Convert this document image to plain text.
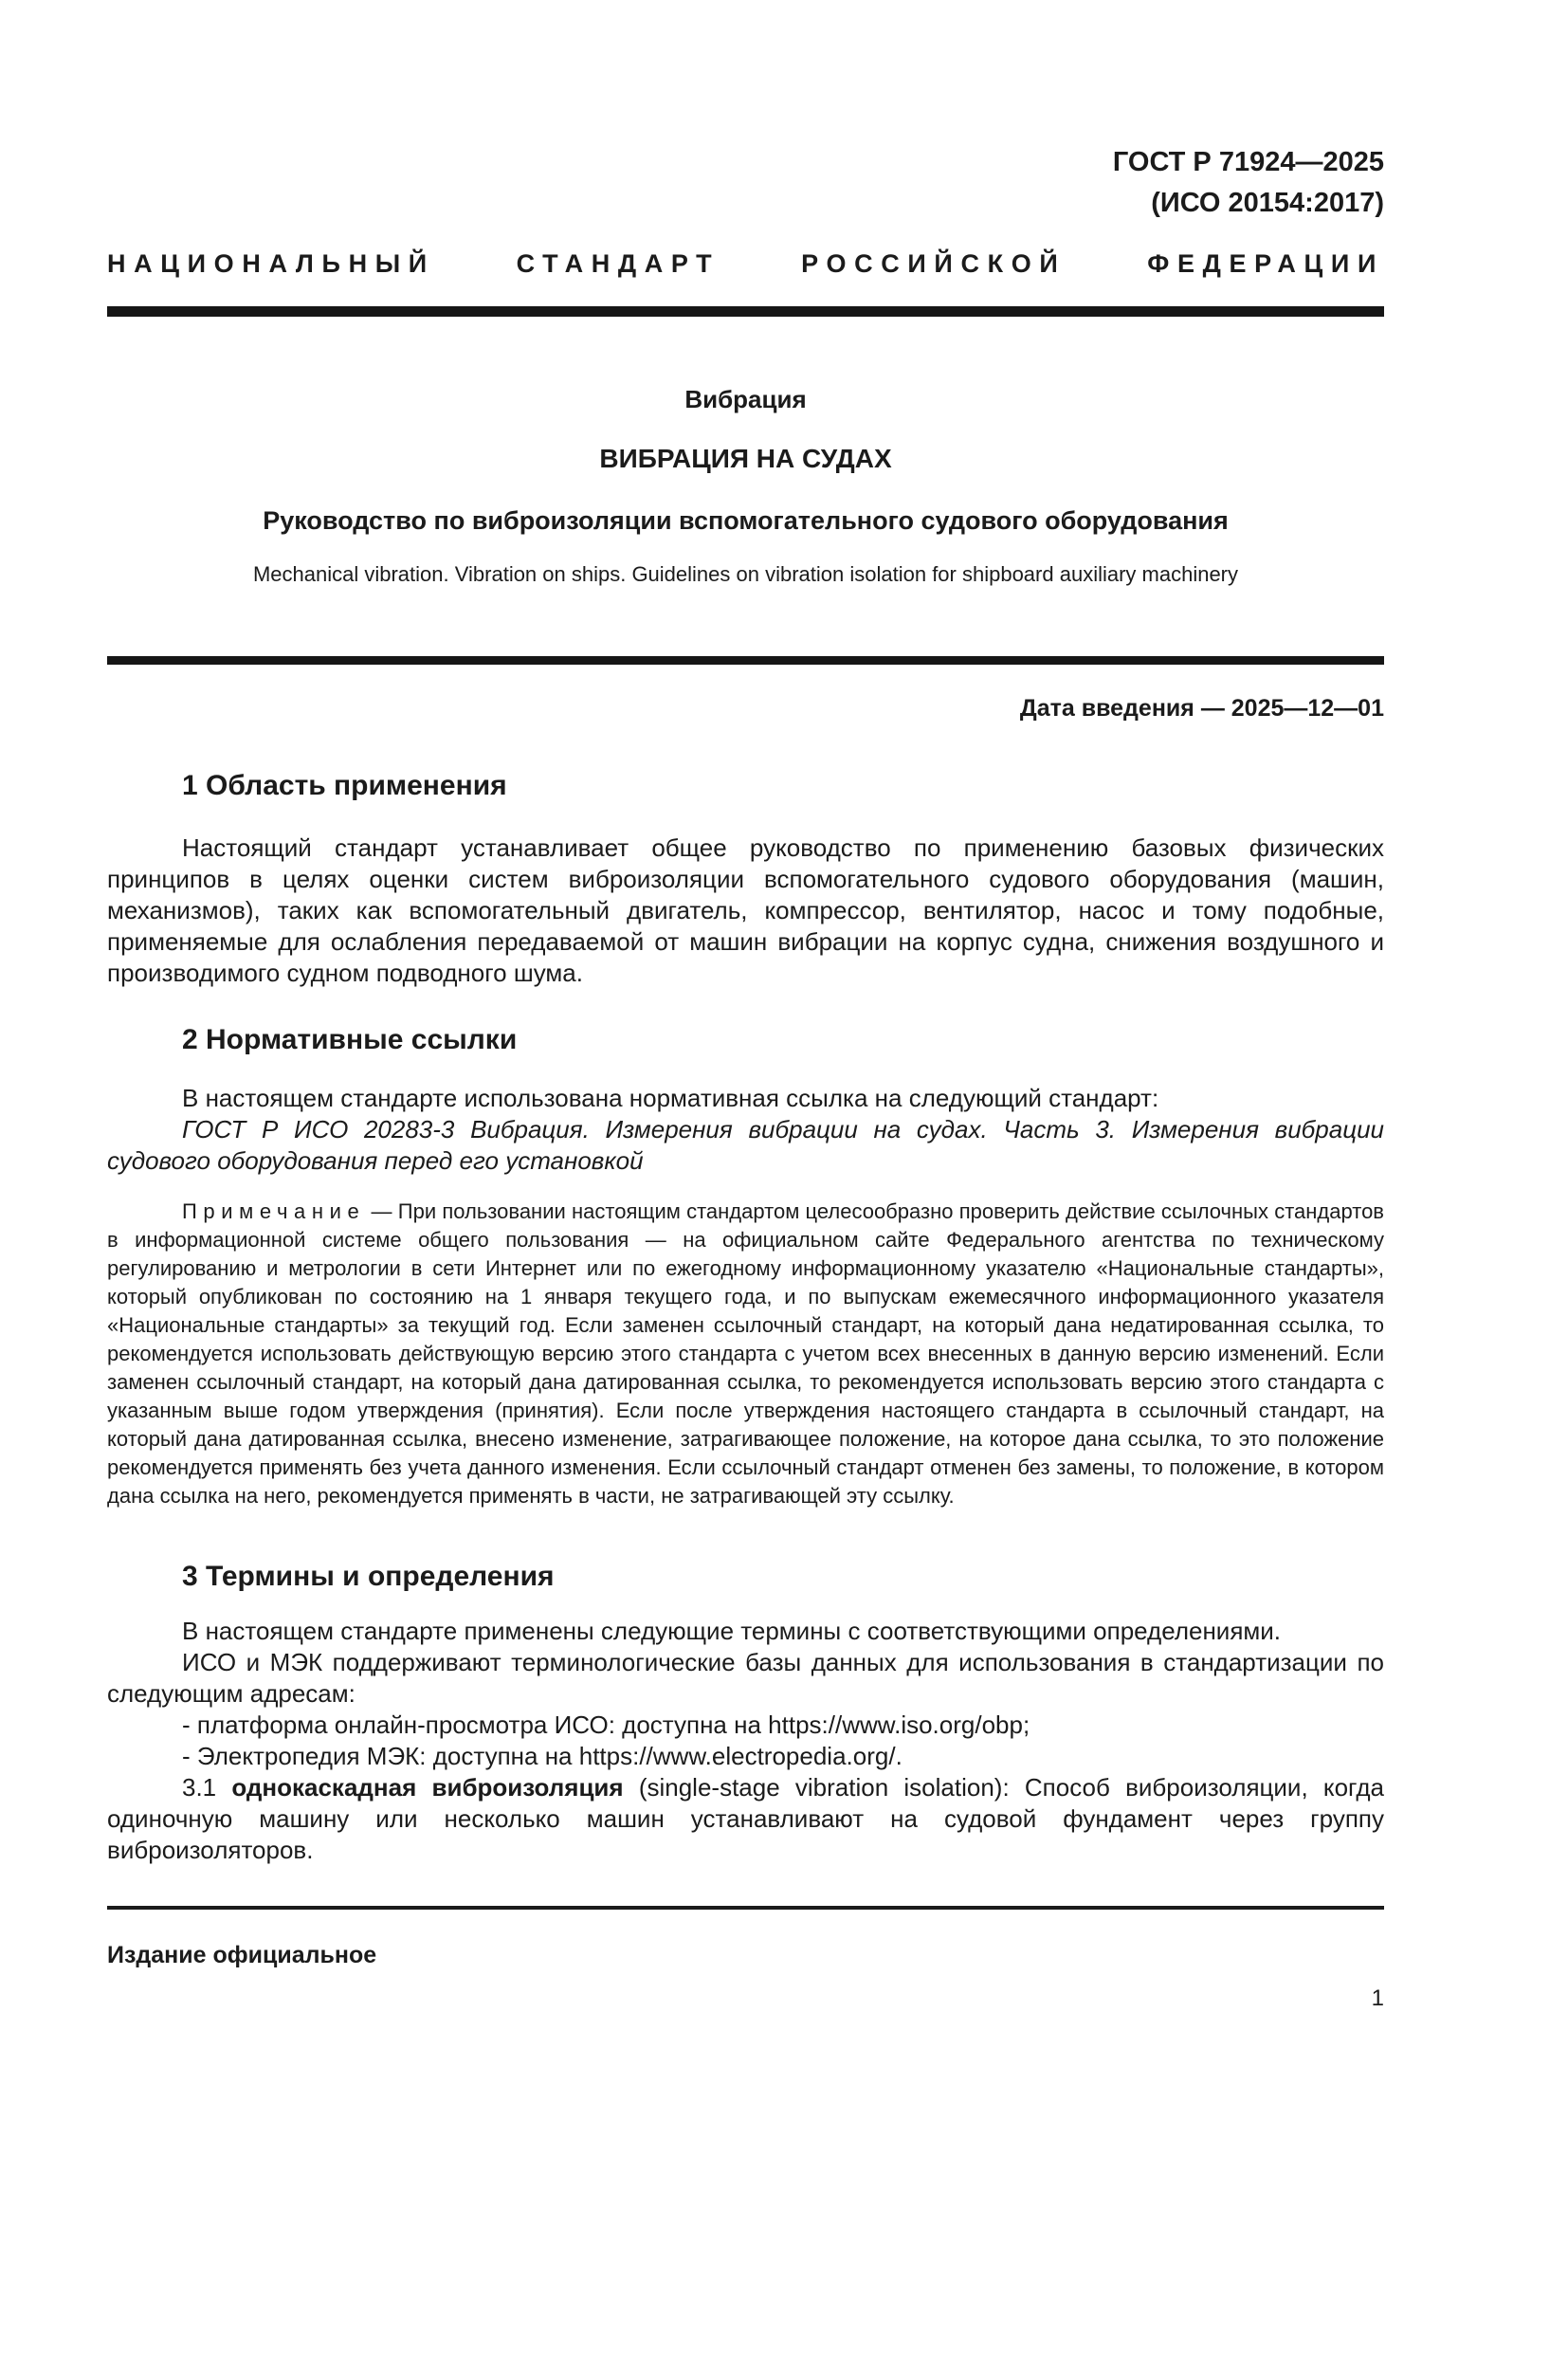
ГОСТ Р 71924—2025
(ИСО 20154:2017)
НАЦИОНАЛЬНЫЙ СТАНДАРТ РОССИЙСКОЙ ФЕДЕРАЦИИ
Вибрация
ВИБРАЦИЯ НА СУДАХ
Руководство по виброизоляции вспомогательного судового оборудования
Mechanical vibration. Vibration on ships. Guidelines on vibration isolation for shipboard auxiliary machinery
Дата введения — 2025—12—01
1 Область применения

Настоящий стандарт устанавливает общее руководство по применению базовых физических принципов в целях оценки систем виброизоляции вспомогательного судового оборудования (машин, механизмов), таких как вспомогательный двигатель, компрессор, вентилятор, насос и тому подобные, применяемые для ослабления передаваемой от машин вибрации на корпус судна, снижения воздушного и производимого судном подводного шума.

2 Нормативные ссылки

В настоящем стандарте использована нормативная ссылка на следующий стандарт:

ГОСТ Р ИСО 20283-3 Вибрация. Измерения вибрации на судах. Часть 3. Измерения вибрации судового оборудования перед его установкой

Примечание — При пользовании настоящим стандартом целесообразно проверить действие ссылочных стандартов в информационной системе общего пользования — на официальном сайте Федерального агентства по техническому регулированию и метрологии в сети Интернет или по ежегодному информационному указателю «Национальные стандарты», который опубликован по состоянию на 1 января текущего года, и по выпускам ежемесячного информационного указателя «Национальные стандарты» за текущий год. Если заменен ссылочный стандарт, на который дана недатированная ссылка, то рекомендуется использовать действующую версию этого стандарта с учетом всех внесенных в данную версию изменений. Если заменен ссылочный стандарт, на который дана датированная ссылка, то рекомендуется использовать версию этого стандарта с указанным выше годом утверждения (принятия). Если после утверждения настоящего стандарта в ссылочный стандарт, на который дана датированная ссылка, внесено изменение, затрагивающее положение, на которое дана ссылка, то это положение рекомендуется применять без учета данного изменения. Если ссылочный стандарт отменен без замены, то положение, в котором дана ссылка на него, рекомендуется применять в части, не затрагивающей эту ссылку.

3 Термины и определения

В настоящем стандарте применены следующие термины с соответствующими определениями.

ИСО и МЭК поддерживают терминологические базы данных для использования в стандартизации по следующим адресам:

- платформа онлайн-просмотра ИСО: доступна на https://www.iso.org/obp;

- Электропедия МЭК: доступна на https://www.electropedia.org/.

3.1 однокаскадная виброизоляция (single-stage vibration isolation): Способ виброизоляции, когда одиночную машину или несколько машин устанавливают на судовой фундамент через группу виброизоляторов.

Издание официальное
1
